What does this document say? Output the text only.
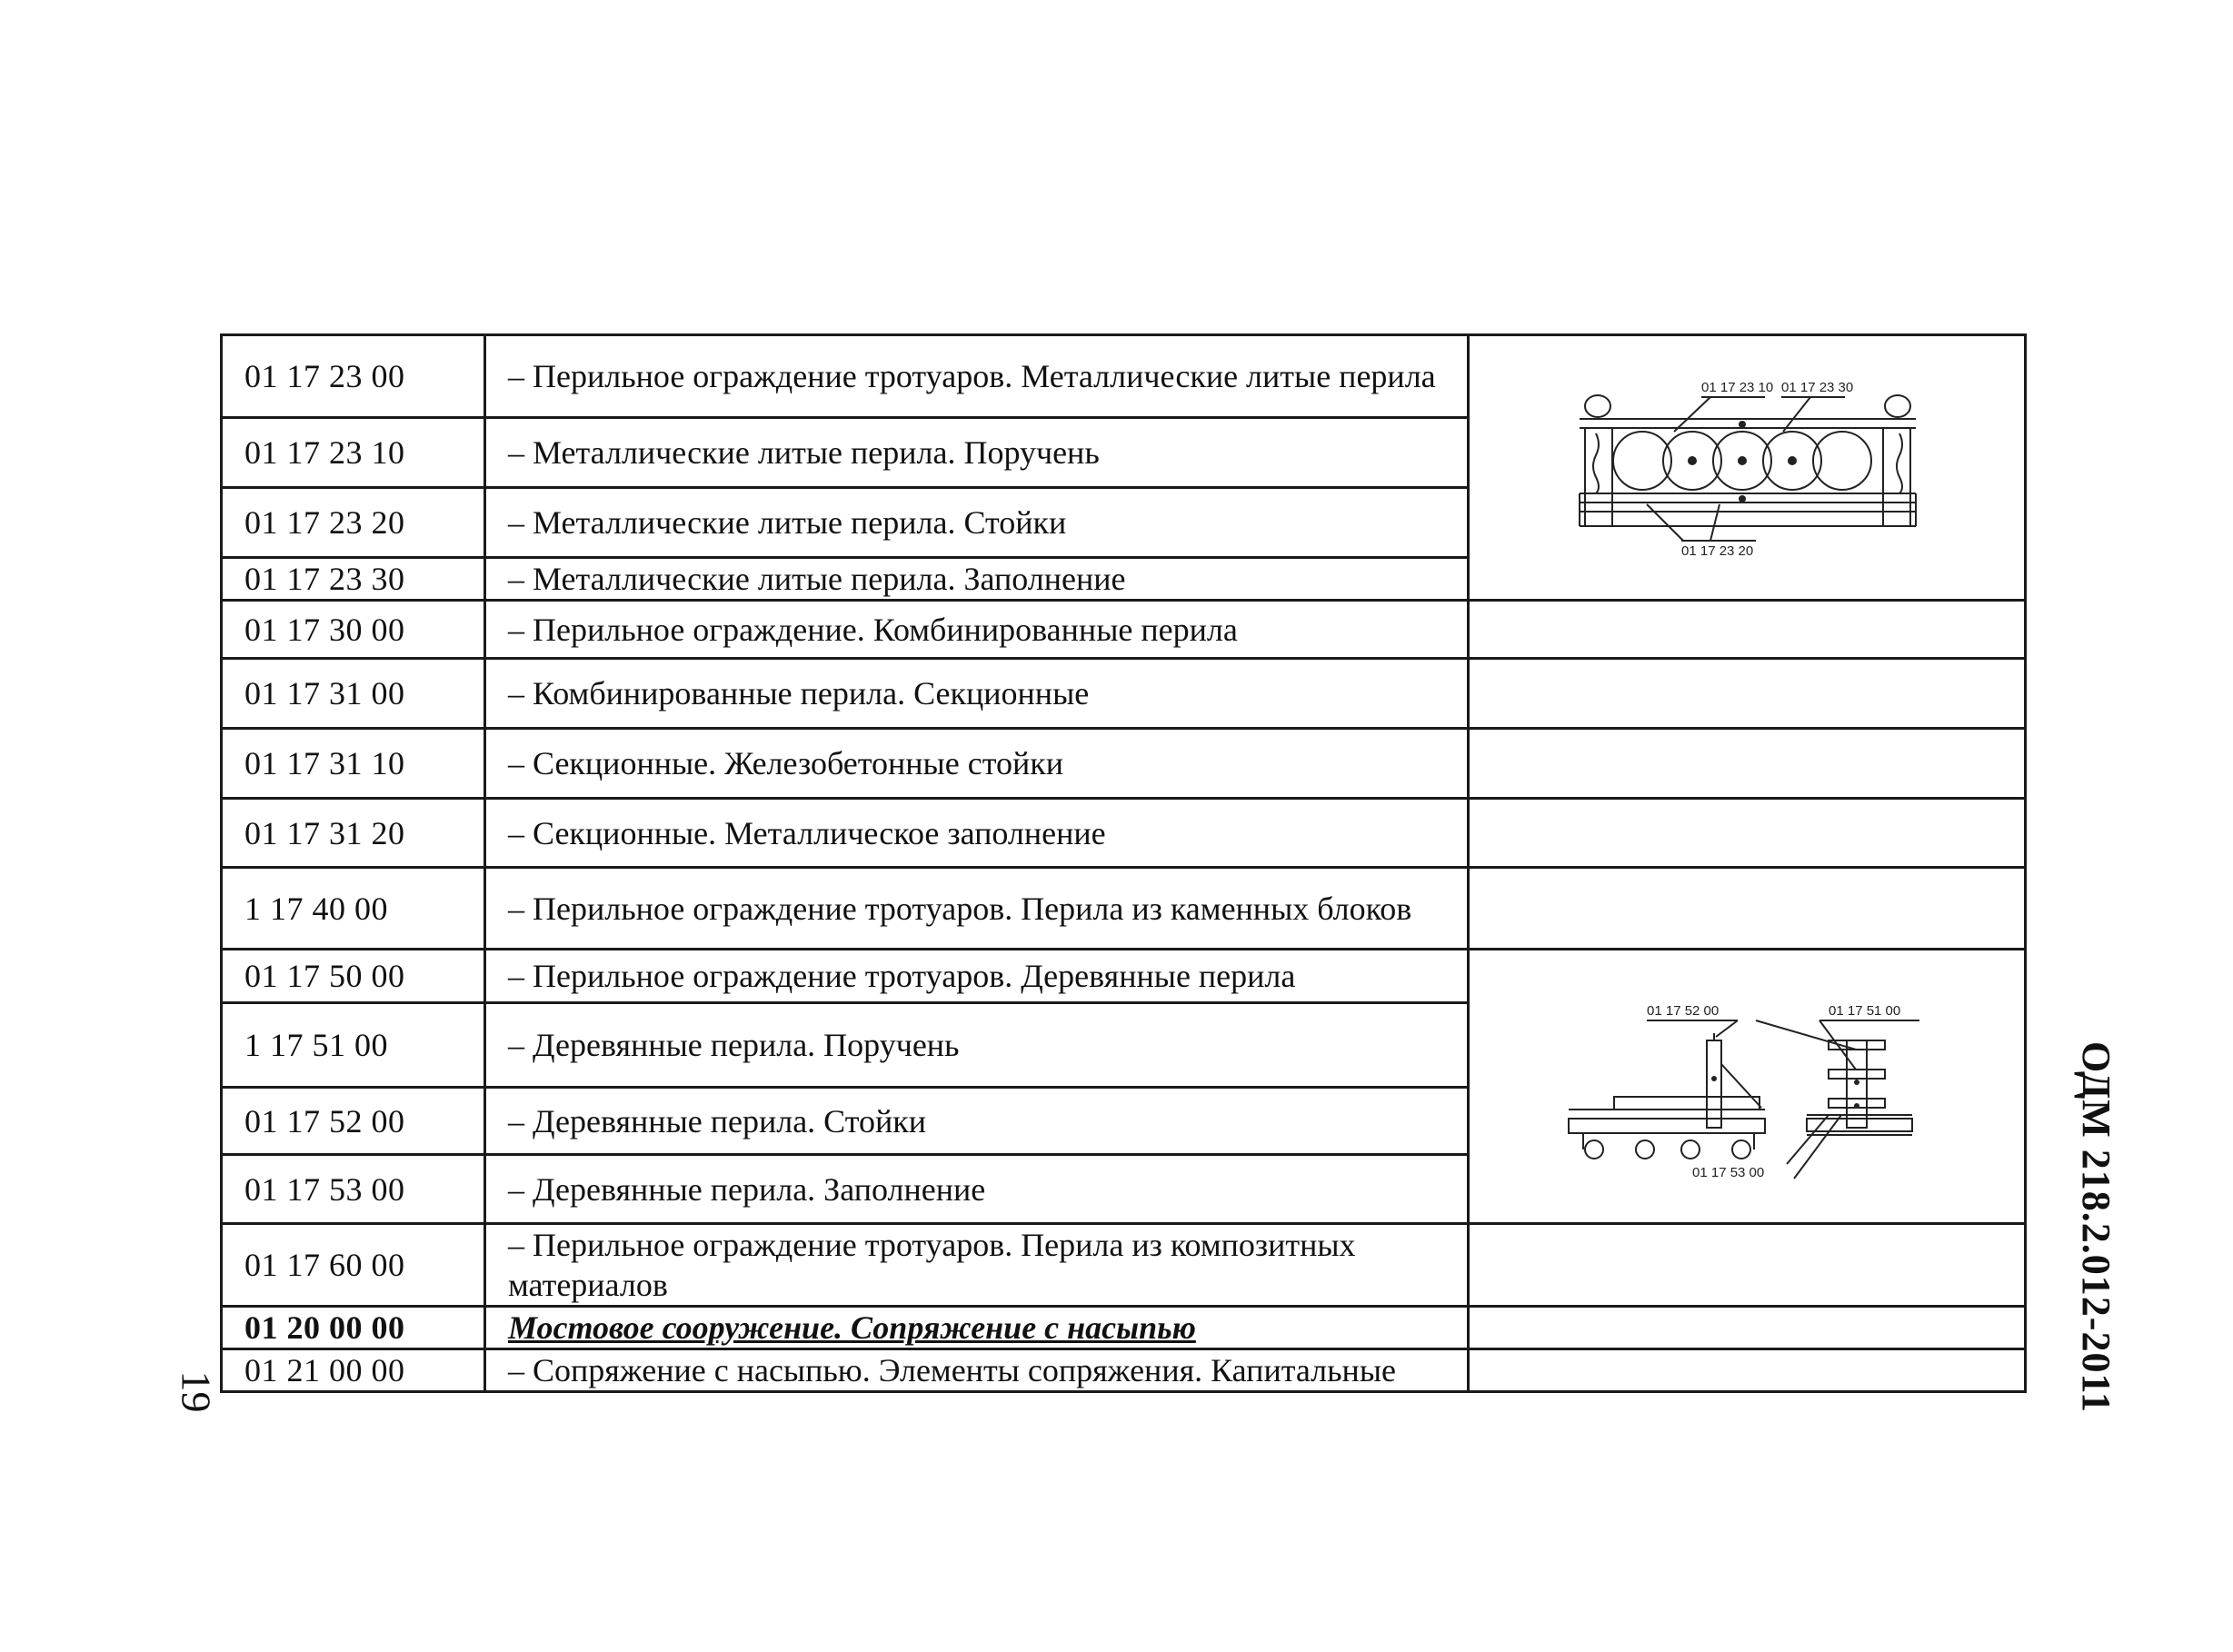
01 17 23 00	– Перильное ограждение тротуаров. Металлические литые перила	01 17 23 10 01 17 23 30
01 17 23 20

01 17 23 10	– Металлические литые перила. Поручень	
01 17 23 20	– Металлические литые перила. Стойки	
01 17 23 30	– Металлические литые перила. Заполнение	
01 17 30 00	– Перильное ограждение. Комбинированные перила	
01 17 31 00	– Комбинированные перила. Секционные	
01 17 31 10	– Секционные. Железобетонные стойки	
01 17 31 20	– Секционные. Металлическое заполнение	
1 17 40 00	– Перильное ограждение тротуаров. Перила из каменных блоков	
01 17 50 00	– Перильное ограждение тротуаров. Деревянные перила	01 17 52 00 01 17 51 00
01 17 53 00

1 17 51 00	– Деревянные перила. Поручень	
01 17 52 00	– Деревянные перила. Стойки	
01 17 53 00	– Деревянные перила. Заполнение	
01 17 60 00	– Перильное ограждение тротуаров. Перила из композитных материалов	
01 20 00 00	Мостовое сооружение. Сопряжение с насыпью	
01 21 00 00	– Сопряжение с насыпью. Элементы сопряжения. Капитальные		ОДМ 218.2.012-2011
19
